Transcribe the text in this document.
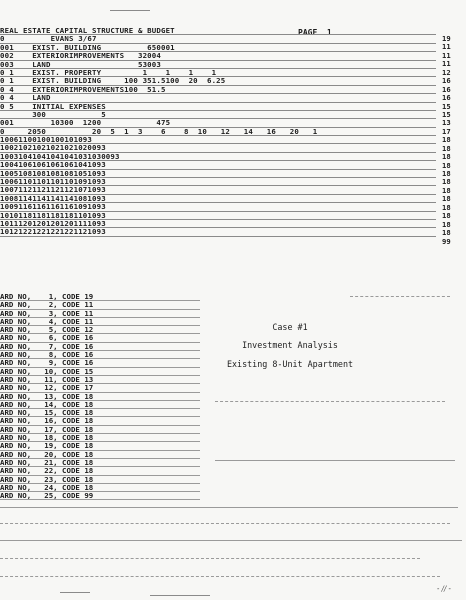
PAGE  1
REAL ESTATE CAPITAL STRUCTURE & BUDGET
0          EVANS 3/67
001    EXIST. BUILDING          650001
002    EXTERIORIMPROVEMENTS   32004
003    LAND                   53003
0 1    EXIST. PROPERTY         1    1    1    1
0 1    EXIST. BUILDING     100 351.5100  20  6.25
0 4    EXTERIORIMPROVEMENTS100  51.5
0 4    LAND
0 5    INITIAL EXPENSES
300            5
001        10300  1200            475
0     2050          20  5  1  3    6    8  10   12   14   16   20   1
10061100100100101093
10021021021021021020093
10031041041041041031030093
10041061061061061041093
10051081081081081051093
10061101101101101091093
10071121121121121071093
10081141141141141081093
10091161161161161091093
10101181181181181101093
10111201201201201111093
10121221221221221121093
19
11
11
11
12
16
16
16
15
15
13
17
18
18
18
18
18
18
18
18
18
18
18
18
99
ARD NO, 1, CODE 19
ARD NO, 2, CODE 11
ARD NO, 3, CODE 11
ARD NO, 4, CODE 11
ARD NO, 5, CODE 12
ARD NO, 6, CODE 16
ARD NO, 7, CODE 16
ARD NO, 8, CODE 16
ARD NO, 9, CODE 16
ARD NO, 10, CODE 15
ARD NO, 11, CODE 13
ARD NO, 12, CODE 17
ARD NO, 13, CODE 18
ARD NO, 14, CODE 18
ARD NO, 15, CODE 18
ARD NO, 16, CODE 18
ARD NO, 17, CODE 18
ARD NO, 18, CODE 18
ARD NO, 19, CODE 18
ARD NO, 20, CODE 18
ARD NO, 21, CODE 18
ARD NO, 22, CODE 18
ARD NO, 23, CODE 18
ARD NO, 24, CODE 18
ARD NO, 25, CODE 99
Case #1
Investment Analysis
Existing 8-Unit Apartment
- // -
